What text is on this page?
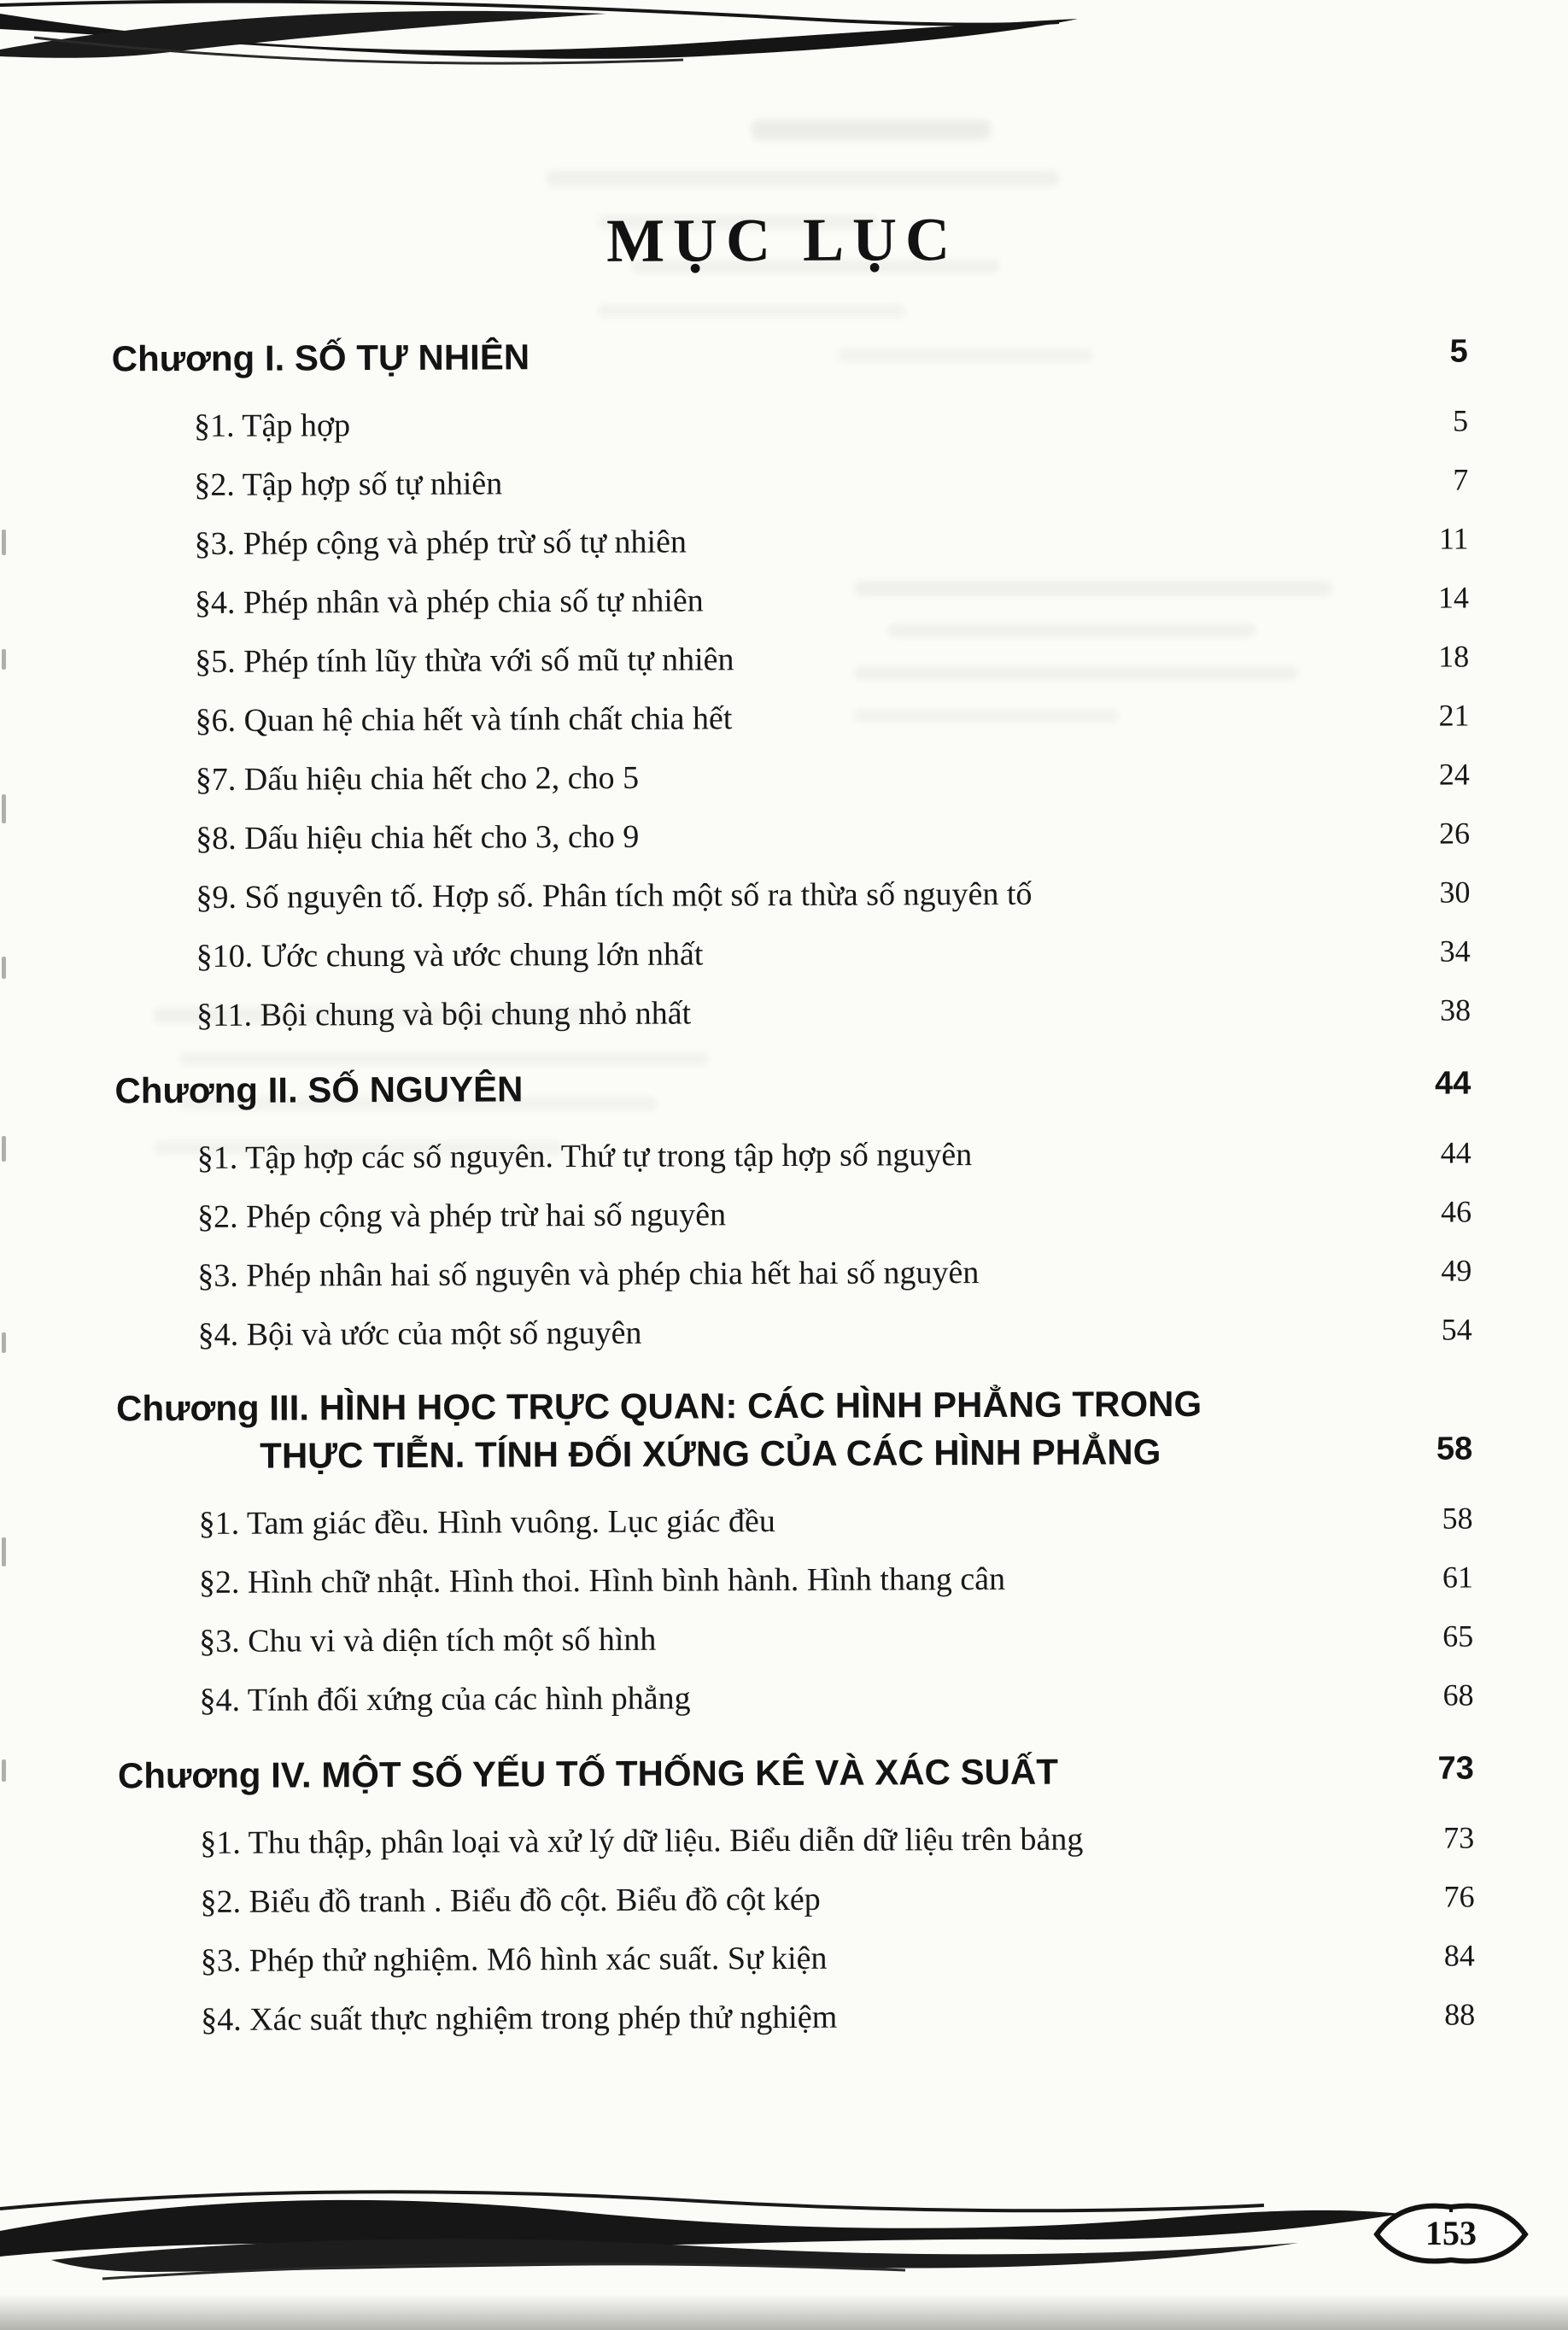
MỤC LỤC
Chương I. SỐ TỰ NHIÊN	5
§1. Tập hợp	5
§2. Tập hợp số tự nhiên	7
§3. Phép cộng và phép trừ số tự nhiên	11
§4. Phép nhân và phép chia số tự nhiên	14
§5. Phép tính lũy thừa với số mũ tự nhiên	18
§6. Quan hệ chia hết và tính chất chia hết	21
§7. Dấu hiệu chia hết cho 2, cho 5	24
§8. Dấu hiệu chia hết cho 3, cho 9	26
§9. Số nguyên tố. Hợp số. Phân tích một số ra thừa số nguyên tố	30
§10. Ước chung và ước chung lớn nhất	34
§11. Bội chung và bội chung nhỏ nhất	38
Chương II. SỐ NGUYÊN	44
§1. Tập hợp các số nguyên. Thứ tự trong tập hợp số nguyên	44
§2. Phép cộng và phép trừ hai số nguyên	46
§3. Phép nhân hai số nguyên và phép chia hết hai số nguyên	49
§4. Bội và ước của một số nguyên	54
Chương III. HÌNH HỌC TRỰC QUAN: CÁC HÌNH PHẲNG TRONG
THỰC TIỄN. TÍNH ĐỐI XỨNG CỦA CÁC HÌNH PHẲNG	58
§1. Tam giác đều. Hình vuông. Lục giác đều	58
§2. Hình chữ nhật. Hình thoi. Hình bình hành. Hình thang cân	61
§3. Chu vi và diện tích một số hình	65
§4. Tính đối xứng của các hình phẳng	68
Chương IV. MỘT SỐ YẾU TỐ THỐNG KÊ VÀ XÁC SUẤT	73
§1. Thu thập, phân loại và xử lý dữ liệu. Biểu diễn dữ liệu trên bảng	73
§2. Biểu đồ tranh . Biểu đồ cột. Biểu đồ cột kép	76
§3. Phép thử nghiệm. Mô hình xác suất. Sự kiện	84
§4. Xác suất thực nghiệm trong phép thử nghiệm	88
153
